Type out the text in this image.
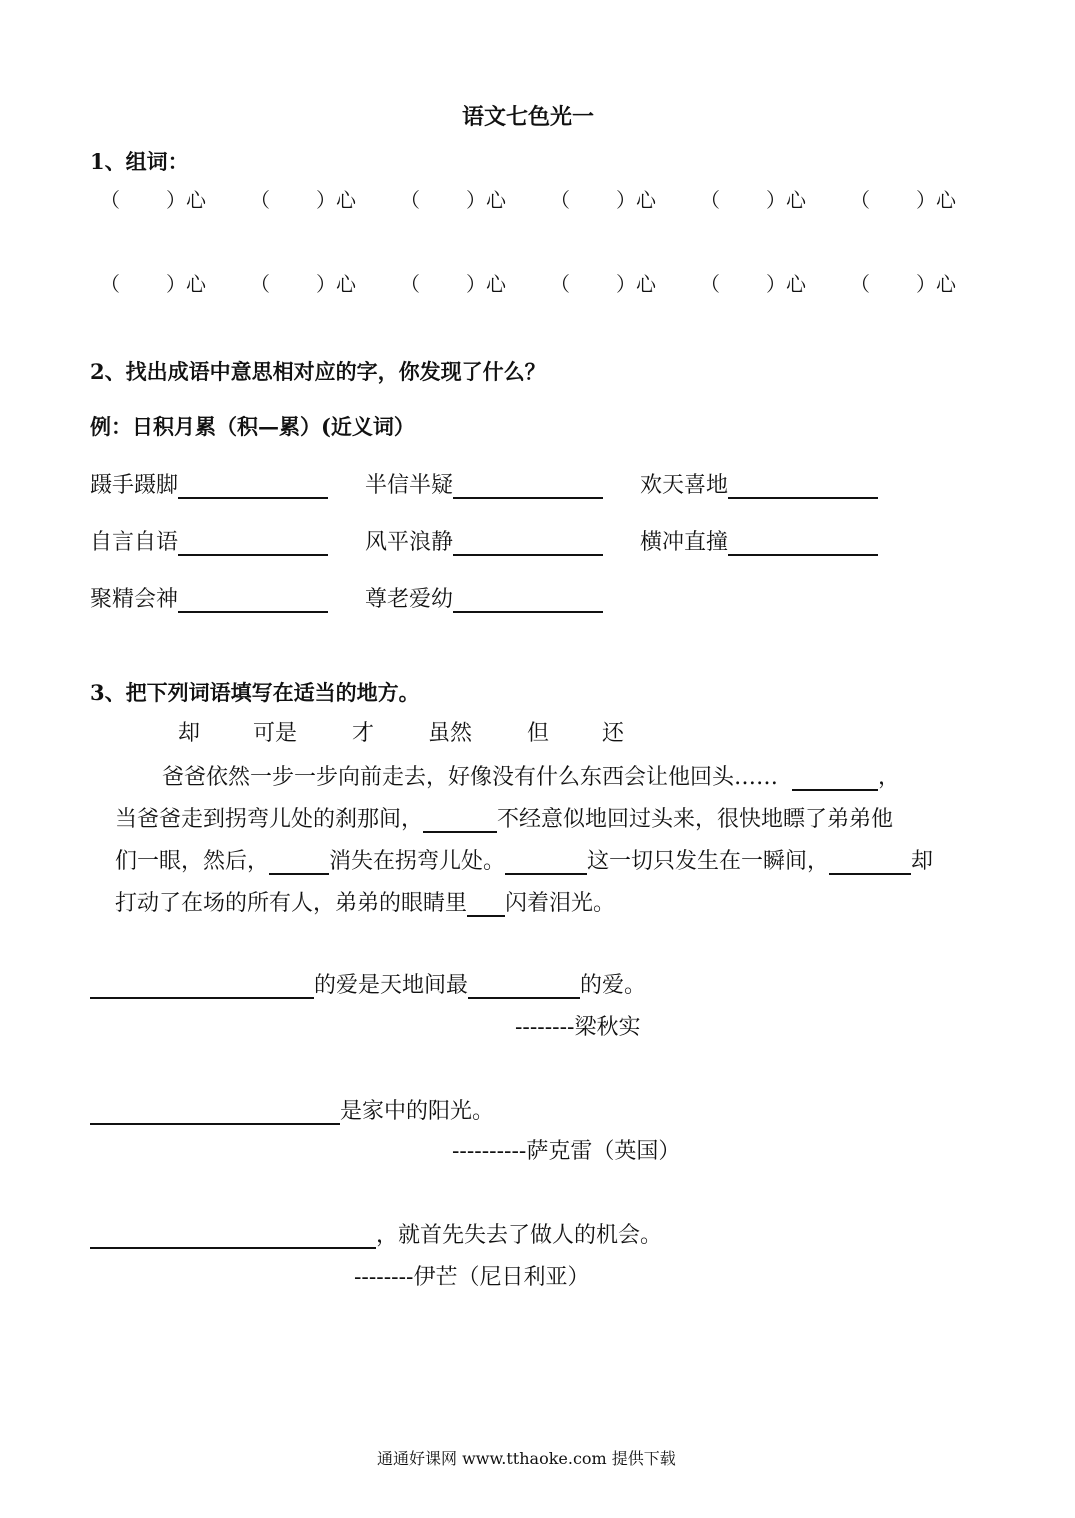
语文七色光一
1、组词：
（ ）心	（ ）心	（ ）心	（ ）心	（ ）心	（ ）心
（ ）心	（ ）心	（ ）心	（ ）心	（ ）心	（ ）心
2、找出成语中意思相对应的字，你发现了什么？
例：日积月累（积—累）(近义词）
蹑手蹑脚	半信半疑	欢天喜地
自言自语	风平浪静	横冲直撞
聚精会神	尊老爱幼
3、把下列词语填写在适当的地方。
却 可是 才 虽然 但 还
爸爸依然一步一步向前走去，好像没有什么东西会让他回头……	，
当爸爸走到拐弯儿处的刹那间，	不经意似地回过头来，很快地瞟了弟弟他
们一眼，然后，	消失在拐弯儿处。	这一切只发生在一瞬间，	却
打动了在场的所有人，弟弟的眼睛里 闪着泪光。
的爱是天地间最	的爱。
--------梁秋实
是家中的阳光。
----------萨克雷（英国）
，就首先失去了做人的机会。
--------伊芒（尼日利亚）
通通好课网 www.tthaoke.com 提供下载
